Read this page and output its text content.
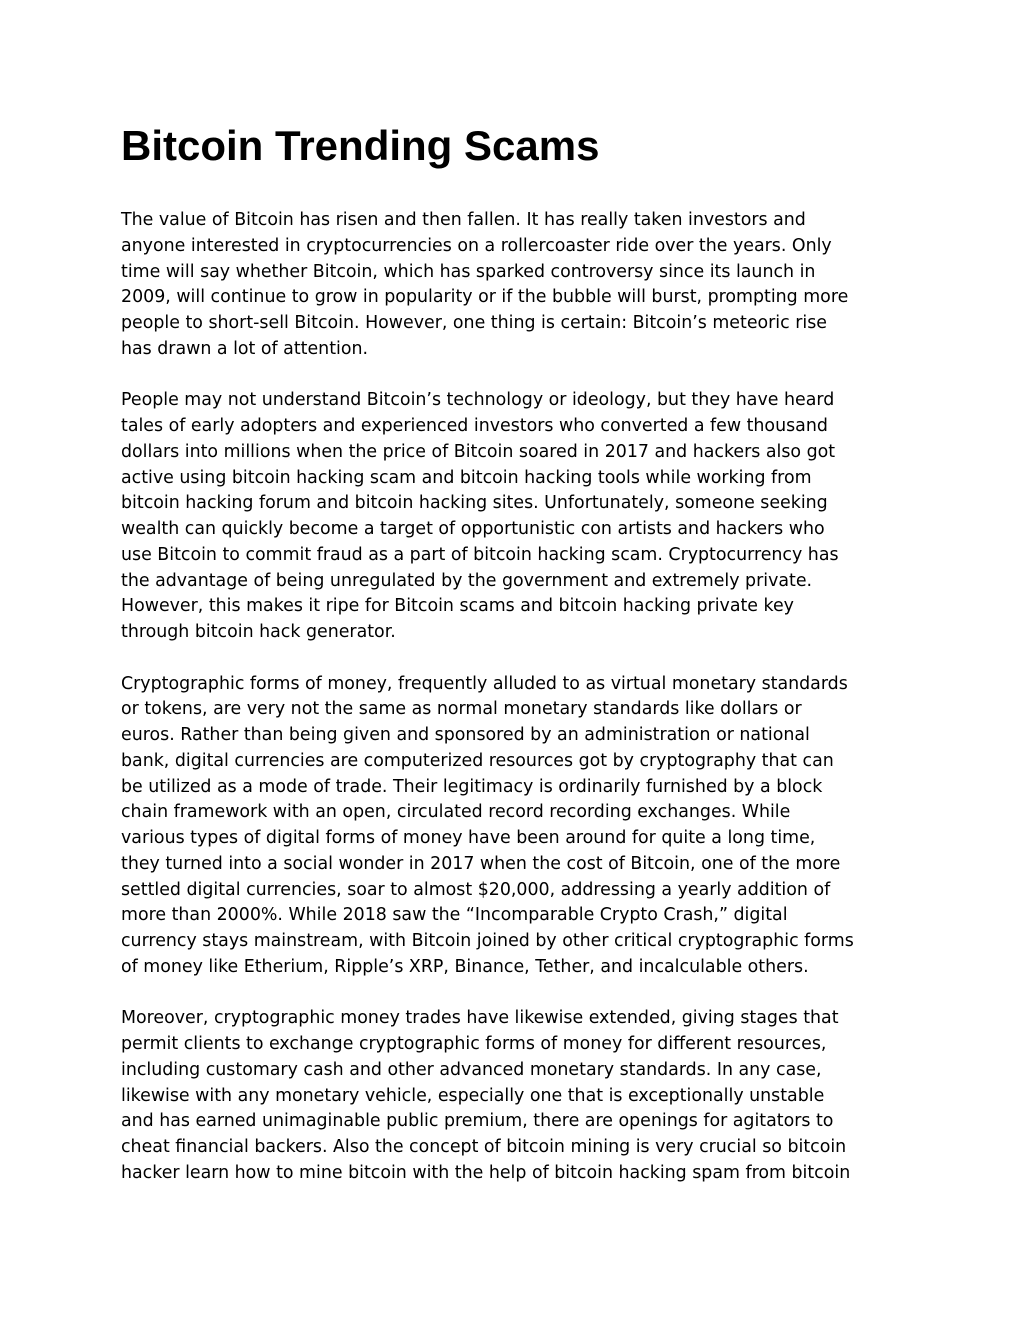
Bitcoin Trending Scams

The value of Bitcoin has risen and then fallen. It has really taken investors and
anyone interested in cryptocurrencies on a rollercoaster ride over the years. Only
time will say whether Bitcoin, which has sparked controversy since its launch in
2009, will continue to grow in popularity or if the bubble will burst, prompting more
people to short-sell Bitcoin. However, one thing is certain: Bitcoin’s meteoric rise
has drawn a lot of attention.

People may not understand Bitcoin’s technology or ideology, but they have heard
tales of early adopters and experienced investors who converted a few thousand
dollars into millions when the price of Bitcoin soared in 2017 and hackers also got
active using bitcoin hacking scam and bitcoin hacking tools while working from
bitcoin hacking forum and bitcoin hacking sites. Unfortunately, someone seeking
wealth can quickly become a target of opportunistic con artists and hackers who
use Bitcoin to commit fraud as a part of bitcoin hacking scam. Cryptocurrency has
the advantage of being unregulated by the government and extremely private.
However, this makes it ripe for Bitcoin scams and bitcoin hacking private key
through bitcoin hack generator.

Cryptographic forms of money, frequently alluded to as virtual monetary standards
or tokens, are very not the same as normal monetary standards like dollars or
euros. Rather than being given and sponsored by an administration or national
bank, digital currencies are computerized resources got by cryptography that can
be utilized as a mode of trade. Their legitimacy is ordinarily furnished by a block
chain framework with an open, circulated record recording exchanges. While
various types of digital forms of money have been around for quite a long time,
they turned into a social wonder in 2017 when the cost of Bitcoin, one of the more
settled digital currencies, soar to almost $20,000, addressing a yearly addition of
more than 2000%. While 2018 saw the “Incomparable Crypto Crash,” digital
currency stays mainstream, with Bitcoin joined by other critical cryptographic forms
of money like Etherium, Ripple’s XRP, Binance, Tether, and incalculable others.

Moreover, cryptographic money trades have likewise extended, giving stages that
permit clients to exchange cryptographic forms of money for different resources,
including customary cash and other advanced monetary standards. In any case,
likewise with any monetary vehicle, especially one that is exceptionally unstable
and has earned unimaginable public premium, there are openings for agitators to
cheat financial backers. Also the concept of bitcoin mining is very crucial so bitcoin
hacker learn how to mine bitcoin with the help of bitcoin hacking spam from bitcoin
